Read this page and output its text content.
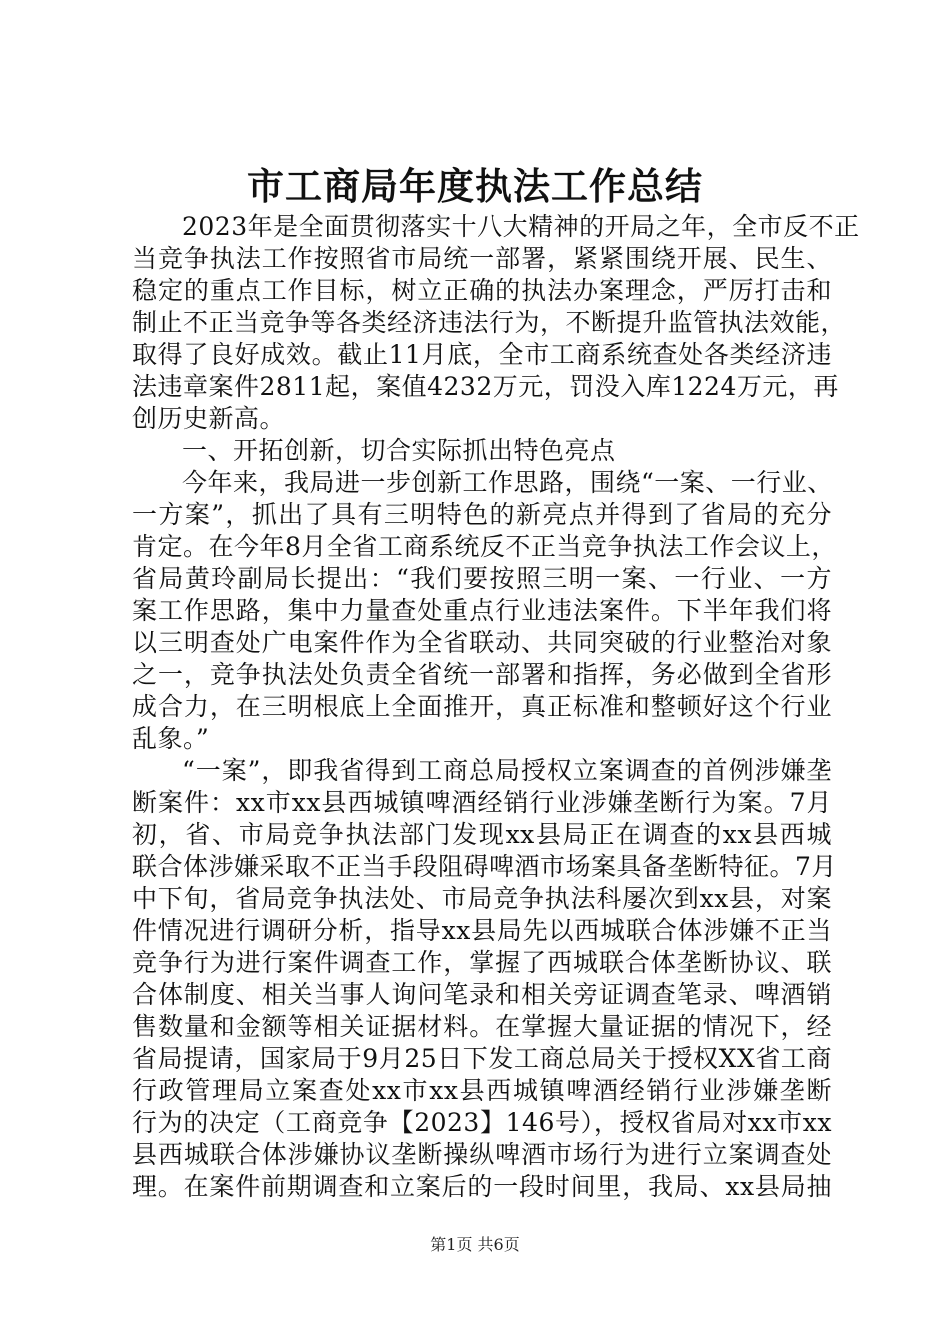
市工商局年度执法工作总结
2023年是全面贯彻落实十八大精神的开局之年，全市反不正
当竞争执法工作按照省市局统一部署，紧紧围绕开展、民生、
稳定的重点工作目标，树立正确的执法办案理念，严厉打击和
制止不正当竞争等各类经济违法行为，不断提升监管执法效能，
取得了良好成效。截止11月底，全市工商系统查处各类经济违
法违章案件2811起，案值4232万元，罚没入库1224万元，再
创历史新高。
一、开拓创新，切合实际抓出特色亮点
今年来，我局进一步创新工作思路，围绕“一案、一行业、
一方案”，抓出了具有三明特色的新亮点并得到了省局的充分
肯定。在今年8月全省工商系统反不正当竞争执法工作会议上，
省局黄玲副局长提出：“我们要按照三明一案、一行业、一方
案工作思路，集中力量查处重点行业违法案件。下半年我们将
以三明查处广电案件作为全省联动、共同突破的行业整治对象
之一，竞争执法处负责全省统一部署和指挥，务必做到全省形
成合力，在三明根底上全面推开，真正标准和整顿好这个行业
乱象。”
“一案”，即我省得到工商总局授权立案调查的首例涉嫌垄
断案件：xx市xx县西城镇啤酒经销行业涉嫌垄断行为案。7月
初，省、市局竞争执法部门发现xx县局正在调查的xx县西城
联合体涉嫌采取不正当手段阻碍啤酒市场案具备垄断特征。7月
中下旬，省局竞争执法处、市局竞争执法科屡次到xx县，对案
件情况进行调研分析，指导xx县局先以西城联合体涉嫌不正当
竞争行为进行案件调查工作，掌握了西城联合体垄断协议、联
合体制度、相关当事人询问笔录和相关旁证调查笔录、啤酒销
售数量和金额等相关证据材料。在掌握大量证据的情况下，经
省局提请，国家局于9月25日下发工商总局关于授权XX省工商
行政管理局立案查处xx市xx县西城镇啤酒经销行业涉嫌垄断
行为的决定（工商竞争【2023】146号），授权省局对xx市xx
县西城联合体涉嫌协议垄断操纵啤酒市场行为进行立案调查处
理。在案件前期调查和立案后的一段时间里，我局、xx县局抽
第1页 共6页
